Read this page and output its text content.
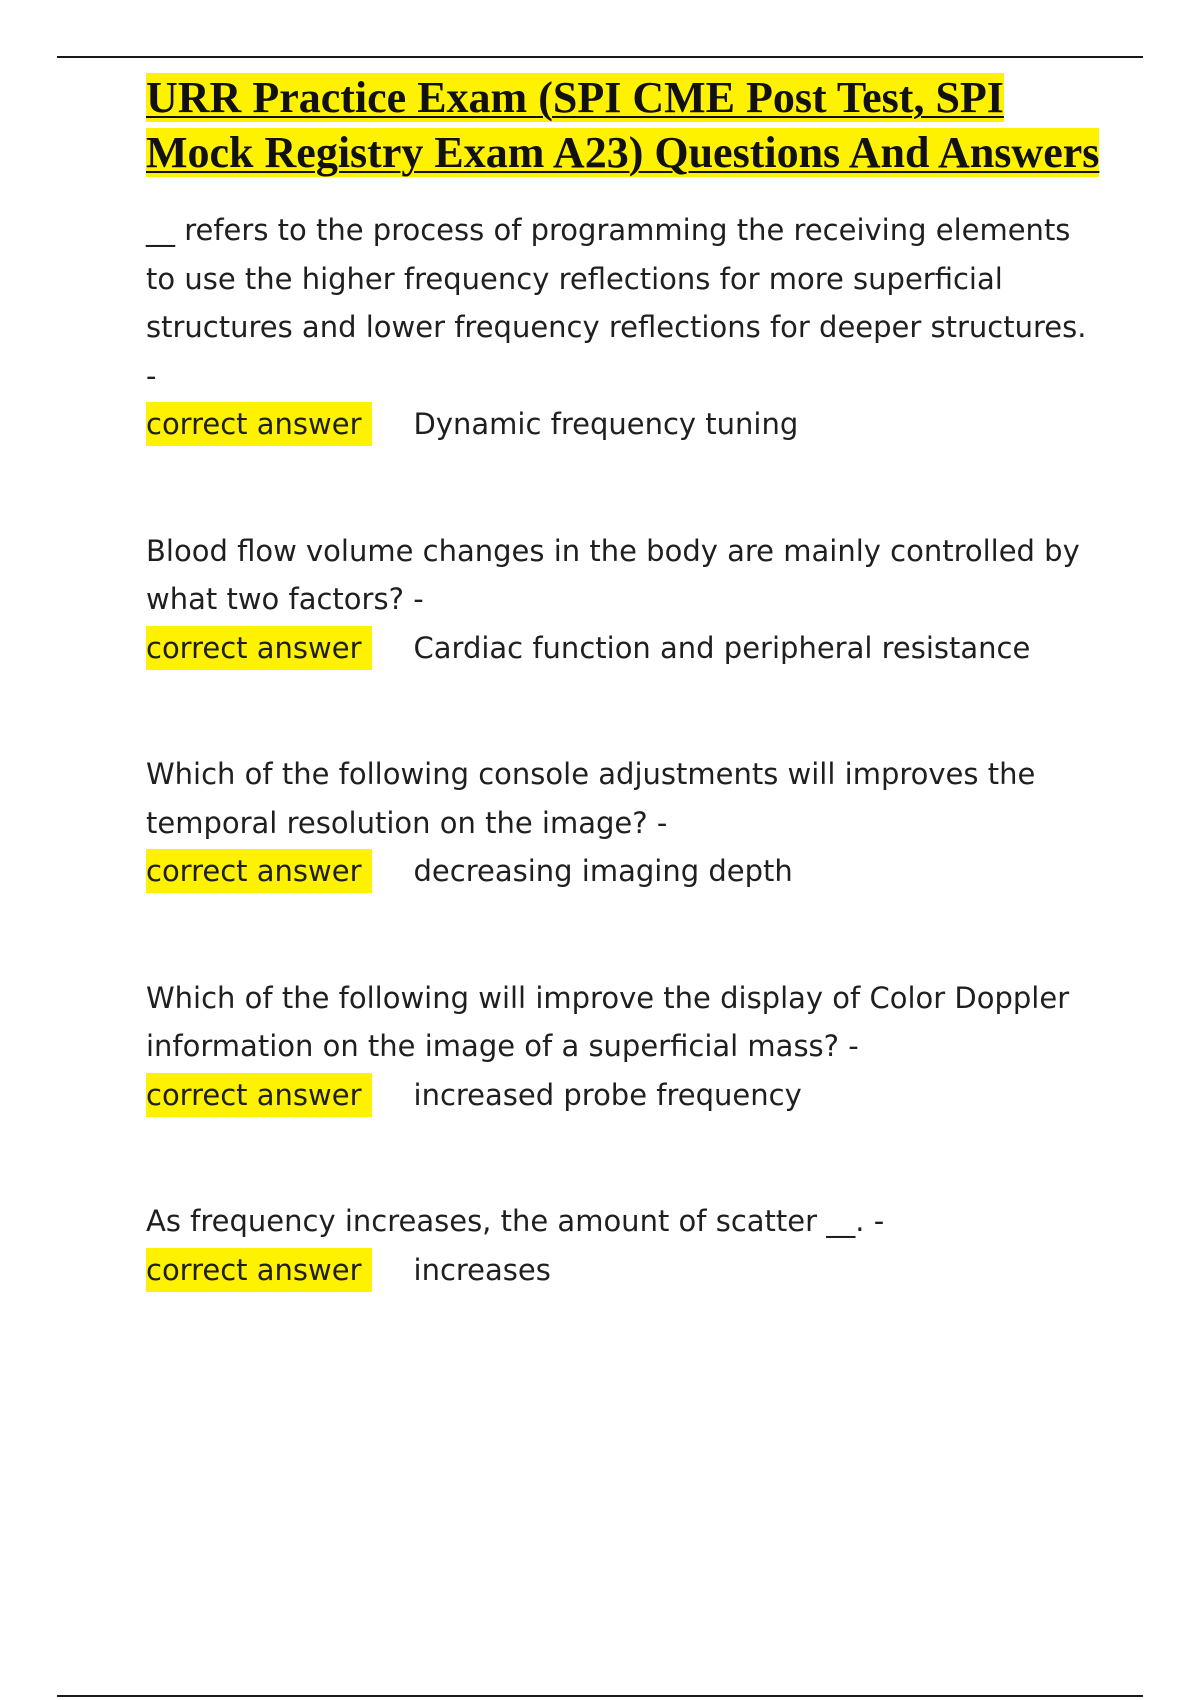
URR Practice Exam (SPI CME Post Test, SPI Mock Registry Exam A23) Questions And Answers

__ refers to the process of programming the receiving elements to use the higher frequency reflections for more superficial structures and lower frequency reflections for deeper structures. -

correct answer	Dynamic frequency tuning

Blood flow volume changes in the body are mainly controlled by what two factors? -

correct answer	Cardiac function and peripheral resistance

Which of the following console adjustments will improves the temporal resolution on the image? -

correct answer	decreasing imaging depth

Which of the following will improve the display of Color Doppler information on the image of a superficial mass? -

correct answer	increased probe frequency

As frequency increases, the amount of scatter __. -

correct answer	increases
